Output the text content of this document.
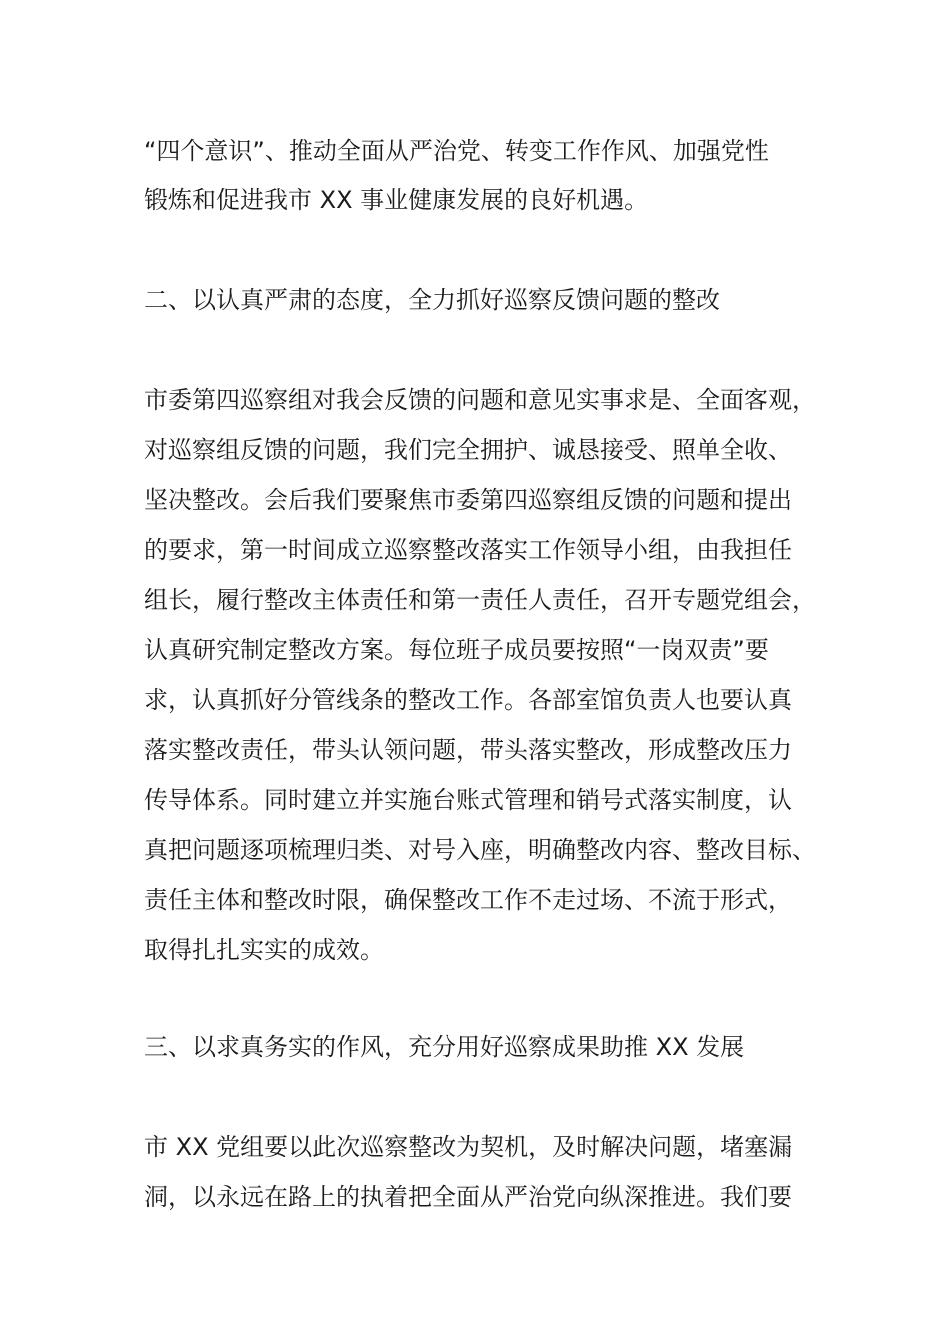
“四个意识”、推动全面从严治党、转变工作作风、加强党性
锻炼和促进我市 XX 事业健康发展的良好机遇。
二、以认真严肃的态度，全力抓好巡察反馈问题的整改
市委第四巡察组对我会反馈的问题和意见实事求是、全面客观，
对巡察组反馈的问题，我们完全拥护、诚恳接受、照单全收、
坚决整改。会后我们要聚焦市委第四巡察组反馈的问题和提出
的要求，第一时间成立巡察整改落实工作领导小组，由我担任
组长，履行整改主体责任和第一责任人责任，召开专题党组会，
认真研究制定整改方案。每位班子成员要按照“一岗双责”要
求，认真抓好分管线条的整改工作。各部室馆负责人也要认真
落实整改责任，带头认领问题，带头落实整改，形成整改压力
传导体系。同时建立并实施台账式管理和销号式落实制度，认
真把问题逐项梳理归类、对号入座，明确整改内容、整改目标、
责任主体和整改时限，确保整改工作不走过场、不流于形式，
取得扎扎实实的成效。
三、以求真务实的作风，充分用好巡察成果助推 XX 发展
市 XX 党组要以此次巡察整改为契机，及时解决问题，堵塞漏
洞，以永远在路上的执着把全面从严治党向纵深推进。我们要
